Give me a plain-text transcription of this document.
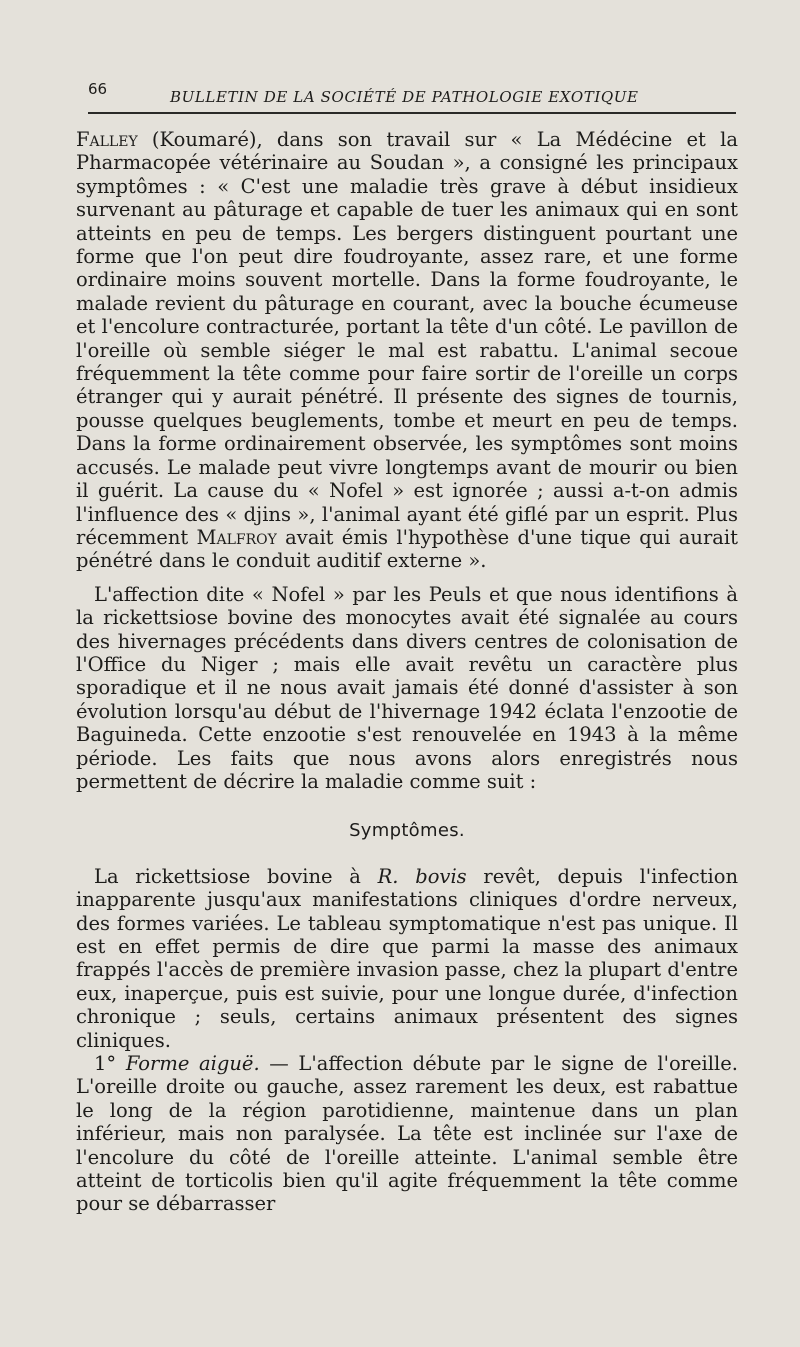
66	BULLETIN DE LA SOCIÉTÉ DE PATHOLOGIE EXOTIQUE

Falley (Koumaré), dans son travail sur « La Médécine et la Pharmacopée vétérinaire au Soudan », a consigné les principaux symptômes : « C'est une maladie très grave à début insidieux survenant au pâturage et capable de tuer les animaux qui en sont atteints en peu de temps. Les bergers distinguent pourtant une forme que l'on peut dire foudroyante, assez rare, et une forme ordinaire moins souvent mortelle. Dans la forme foudroyante, le malade revient du pâturage en courant, avec la bouche écumeuse et l'encolure contracturée, portant la tête d'un côté. Le pavillon de l'oreille où semble siéger le mal est rabattu. L'animal secoue fréquemment la tête comme pour faire sortir de l'oreille un corps étranger qui y aurait pénétré. Il présente des signes de tournis, pousse quelques beuglements, tombe et meurt en peu de temps. Dans la forme ordinairement observée, les symptômes sont moins accusés. Le malade peut vivre longtemps avant de mourir ou bien il guérit. La cause du « Nofel » est ignorée ; aussi a-t-on admis l'influence des « djins », l'animal ayant été giflé par un esprit. Plus récemment Malfroy avait émis l'hypothèse d'une tique qui aurait pénétré dans le conduit auditif externe ».

L'affection dite « Nofel » par les Peuls et que nous identifions à la rickettsiose bovine des monocytes avait été signalée au cours des hivernages précédents dans divers centres de colonisation de l'Office du Niger ; mais elle avait revêtu un caractère plus sporadique et il ne nous avait jamais été donné d'assister à son évolution lorsqu'au début de l'hivernage 1942 éclata l'enzootie de Baguineda. Cette enzootie s'est renouvelée en 1943 à la même période. Les faits que nous avons alors enregistrés nous permettent de décrire la maladie comme suit :

Symptômes.

La rickettsiose bovine à R. bovis revêt, depuis l'infection inapparente jusqu'aux manifestations cliniques d'ordre nerveux, des formes variées. Le tableau symptomatique n'est pas unique. Il est en effet permis de dire que parmi la masse des animaux frappés l'accès de première invasion passe, chez la plupart d'entre eux, inaperçue, puis est suivie, pour une longue durée, d'infection chronique ; seuls, certains animaux présentent des signes cliniques.

1° Forme aiguë. — L'affection débute par le signe de l'oreille. L'oreille droite ou gauche, assez rarement les deux, est rabattue le long de la région parotidienne, maintenue dans un plan inférieur, mais non paralysée. La tête est inclinée sur l'axe de l'encolure du côté de l'oreille atteinte. L'animal semble être atteint de torticolis bien qu'il agite fréquemment la tête comme pour se débarrasser
